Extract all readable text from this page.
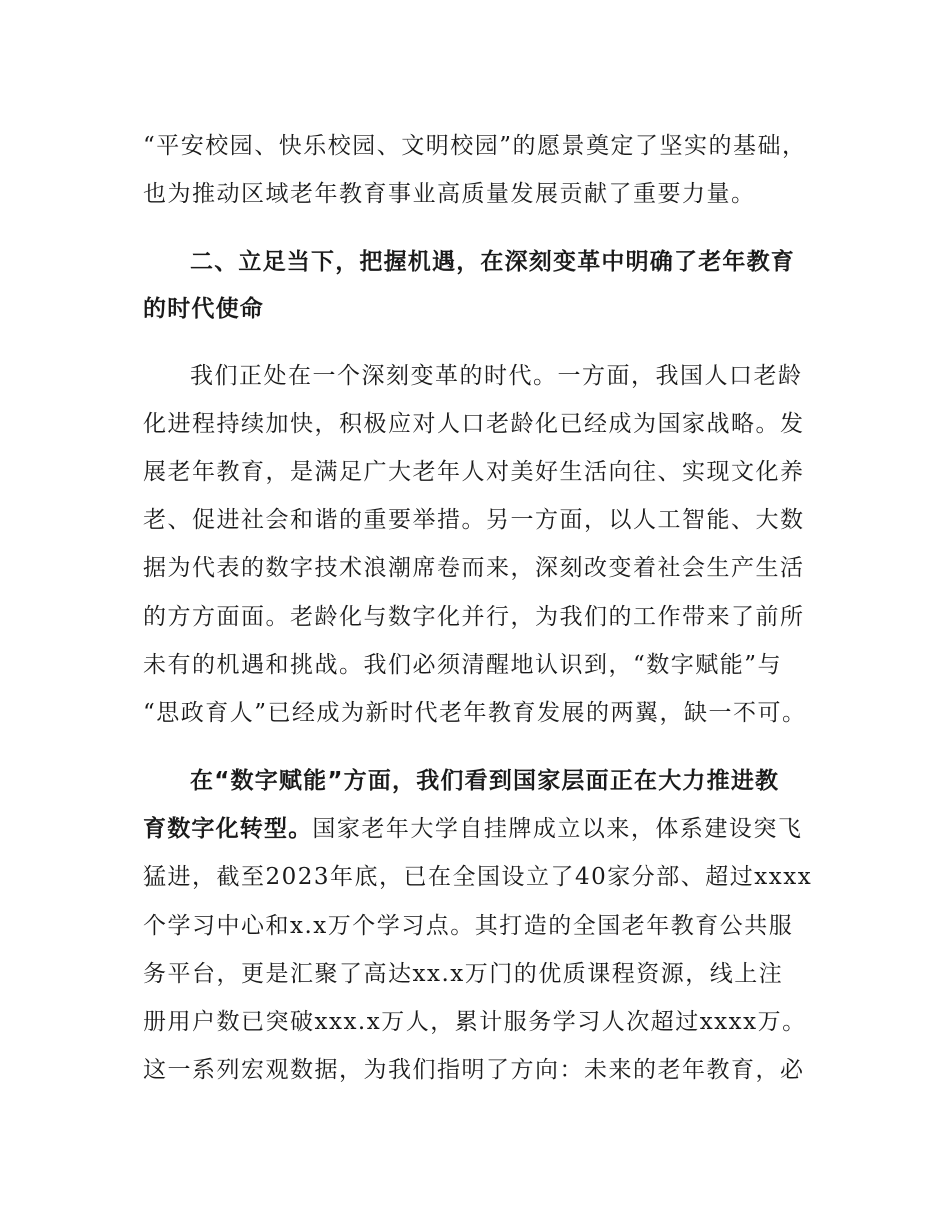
“平安校园、快乐校园、文明校园”的愿景奠定了坚实的基础，
也为推动区域老年教育事业高质量发展贡献了重要力量。
二、立足当下，把握机遇，在深刻变革中明确了老年教育
的时代使命
我们正处在一个深刻变革的时代。一方面，我国人口老龄
化进程持续加快，积极应对人口老龄化已经成为国家战略。发
展老年教育，是满足广大老年人对美好生活向往、实现文化养
老、促进社会和谐的重要举措。另一方面，以人工智能、大数
据为代表的数字技术浪潮席卷而来，深刻改变着社会生产生活
的方方面面。老龄化与数字化并行，为我们的工作带来了前所
未有的机遇和挑战。我们必须清醒地认识到，“数字赋能”与
“思政育人”已经成为新时代老年教育发展的两翼，缺一不可。
在“数字赋能”方面，我们看到国家层面正在大力推进教
育数字化转型。国家老年大学自挂牌成立以来，体系建设突飞
猛进，截至2023年底，已在全国设立了40家分部、超过xxxx
个学习中心和x.x万个学习点。其打造的全国老年教育公共服
务平台，更是汇聚了高达xx.x万门的优质课程资源，线上注
册用户数已突破xxx.x万人，累计服务学习人次超过xxxx万。
这一系列宏观数据，为我们指明了方向：未来的老年教育，必
